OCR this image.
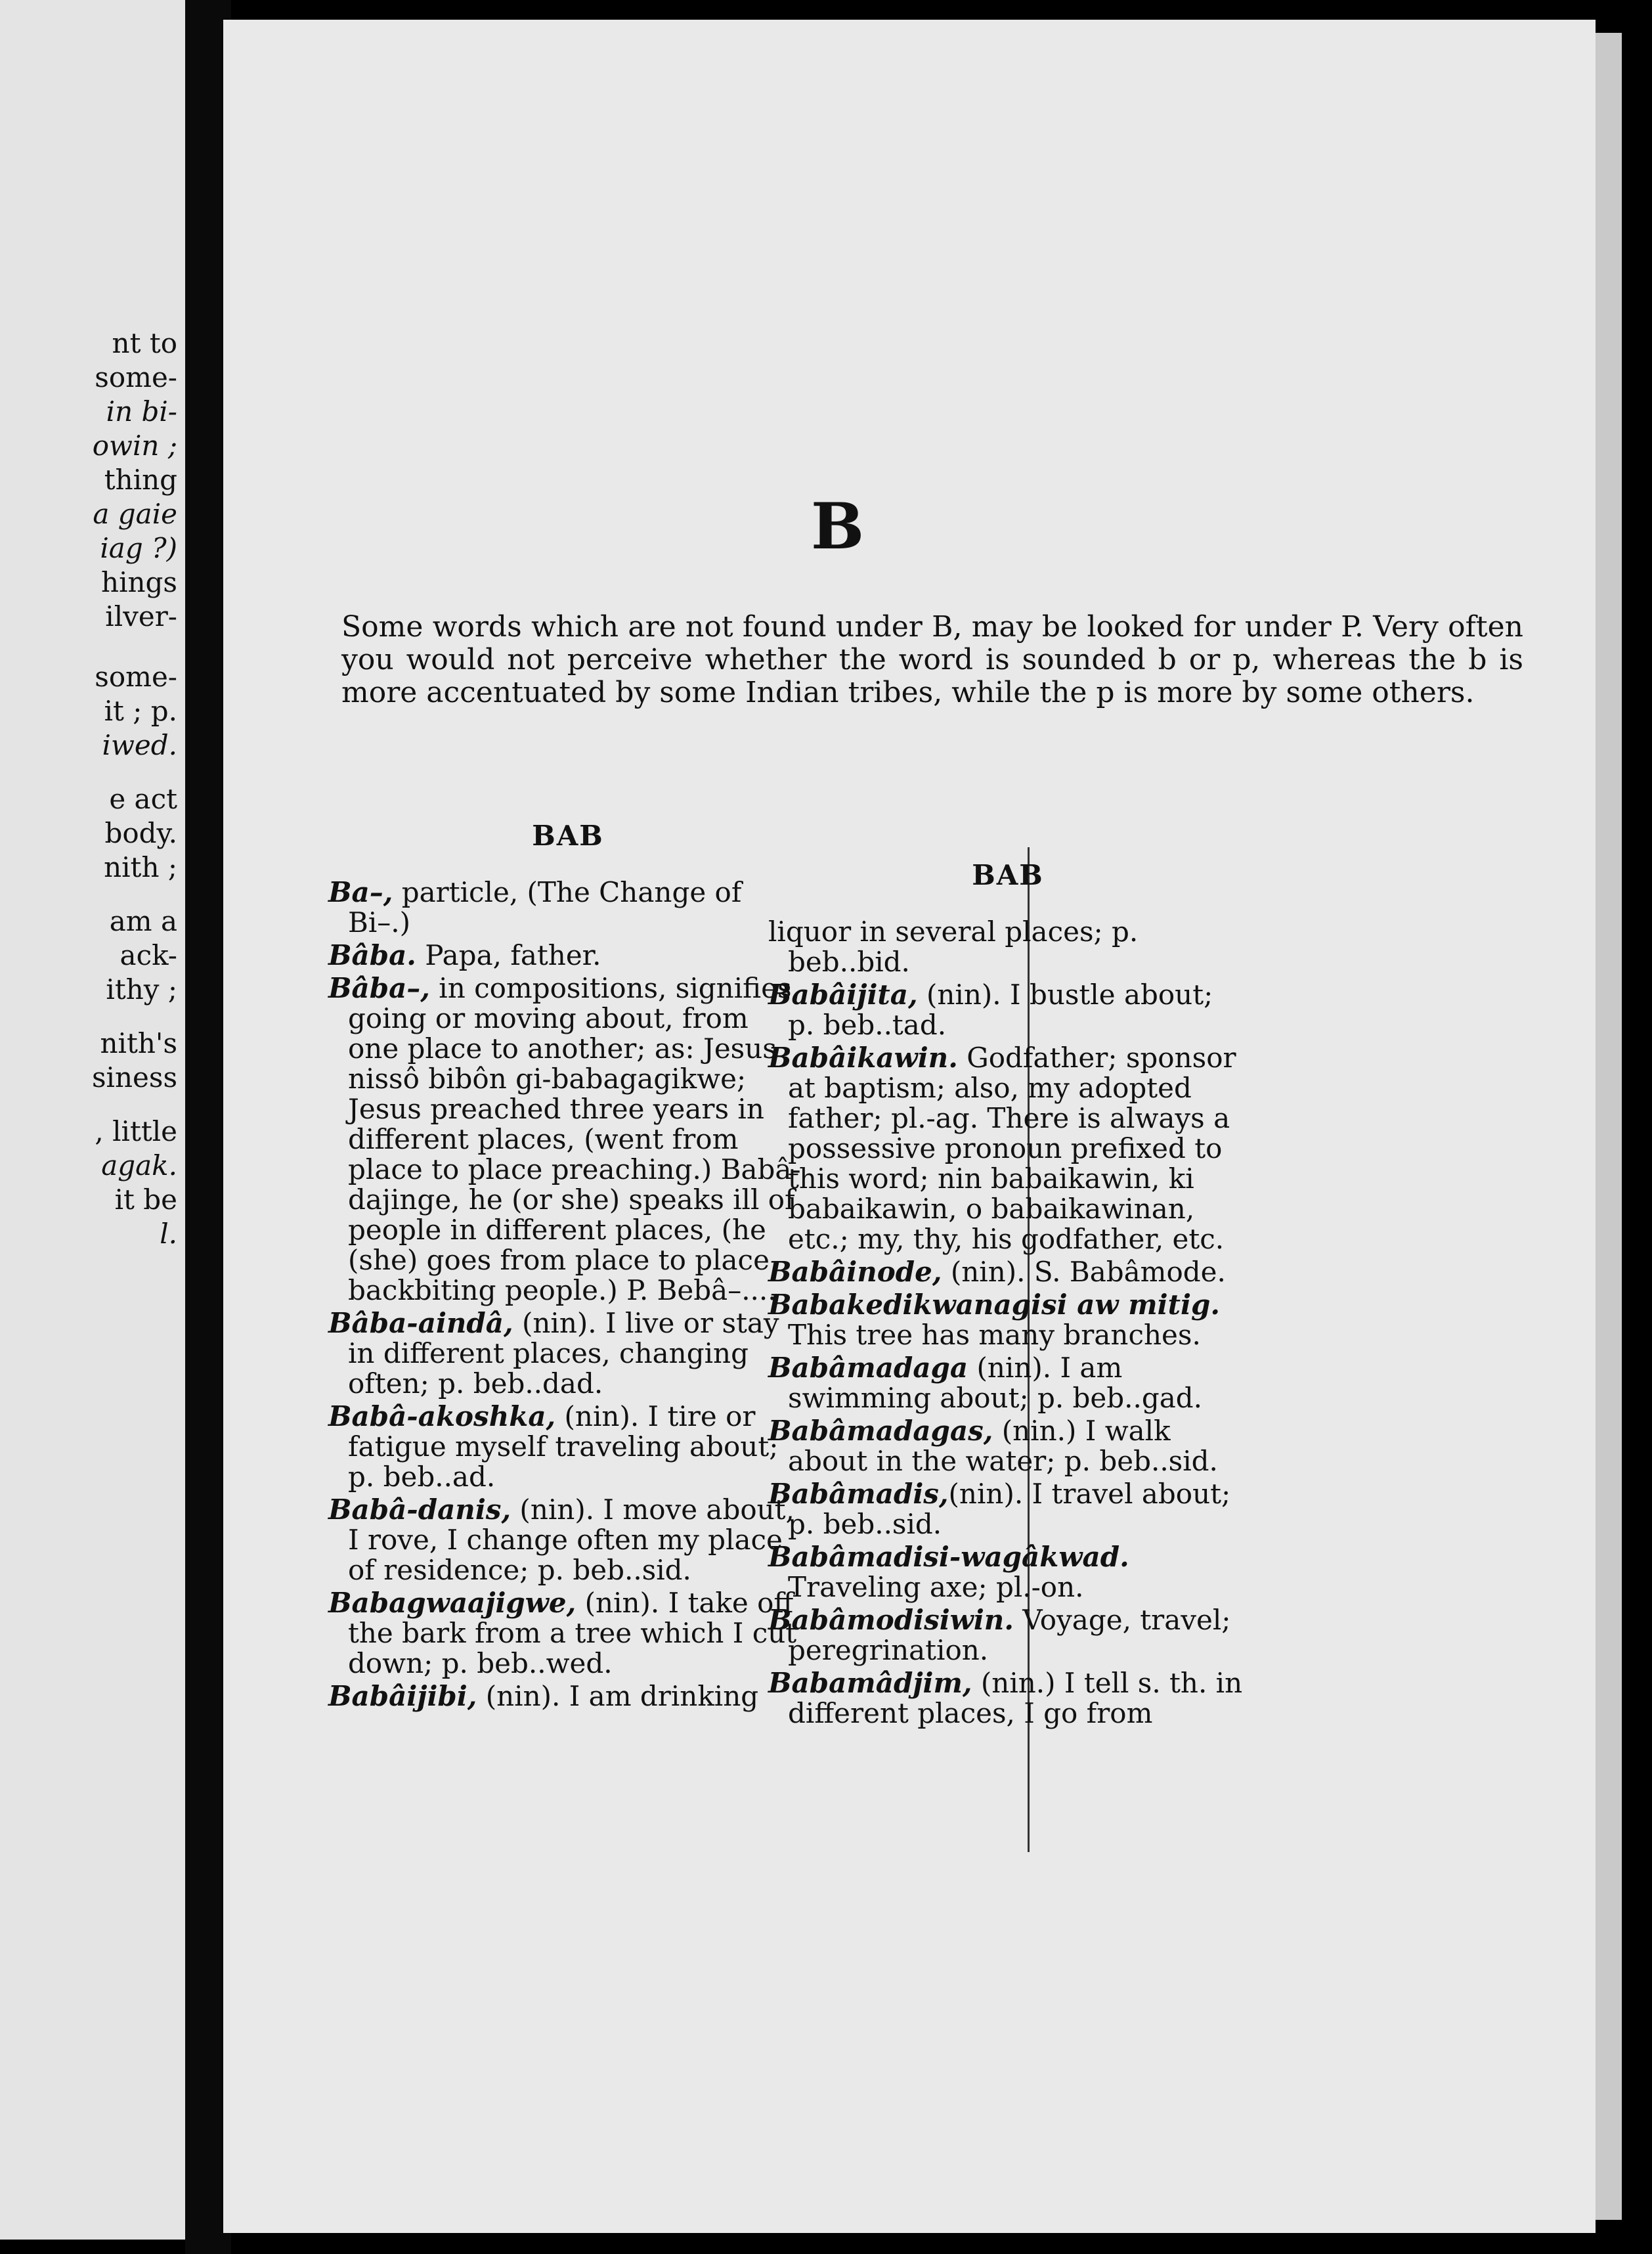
nt to
some-
in bi-
owin ;
thing
a gaie
iag ?)
hings
ilver-
some-
it ; p.
iwed.
e act
body.
nith ;
am a
ack-
ithy ;
nith's
siness
, little
agak.
it be
l.
B
Some words which are not found under B, may be looked for under P. Very often you would not perceive whether the word is sounded b or p, whereas the b is more accentuated by some Indian tribes, while the p is more by some others.
BAB
Ba–, particle, (The Change of Bi–.)
Bâba. Papa, father.
Bâba–, in compositions, signifies going or moving about, from one place to another; as: Jesus nissô bibôn gi-babagagikwe; Jesus preached three years in different places, (went from place to place preaching.) Babâ-dajinge, he (or she) speaks ill of people in different places, (he (she) goes from place to place backbiting people.) P. Bebâ–....
Bâba-aindâ, (nin). I live or stay in different places, changing often; p. beb..dad.
Babâ-akoshka, (nin). I tire or fatigue myself traveling about; p. beb..ad.
Babâ-danis, (nin). I move about, I rove, I change often my place of residence; p. beb..sid.
Babagwaajigwe, (nin). I take off the bark from a tree which I cut down; p. beb..wed.
Babâijibi, (nin). I am drinking
BAB
liquor in several places; p. beb..bid.
Babâijita, (nin). I bustle about; p. beb..tad.
Babâikawin. Godfather; sponsor at baptism; also, my adopted father; pl.-ag. There is always a possessive pronoun prefixed to this word; nin babaikawin, ki babaikawin, o babaikawinan, etc.; my, thy, his godfather, etc.
Babâinode, (nin). S. Babâmode.
Babakedikwanagisi aw mitig. This tree has many branches.
Babâmadaga (nin). I am swimming about; p. beb..gad.
Babâmadagas, (nin.) I walk about in the water; p. beb..sid.
Babâmadis,(nin). I travel about; p. beb..sid.
Babâmadisi-wagâkwad. Traveling axe; pl.-on.
Babâmodisiwin. Voyage, travel; peregrination.
Babamâdjim, (nin.) I tell s. th. in different places, I go from
